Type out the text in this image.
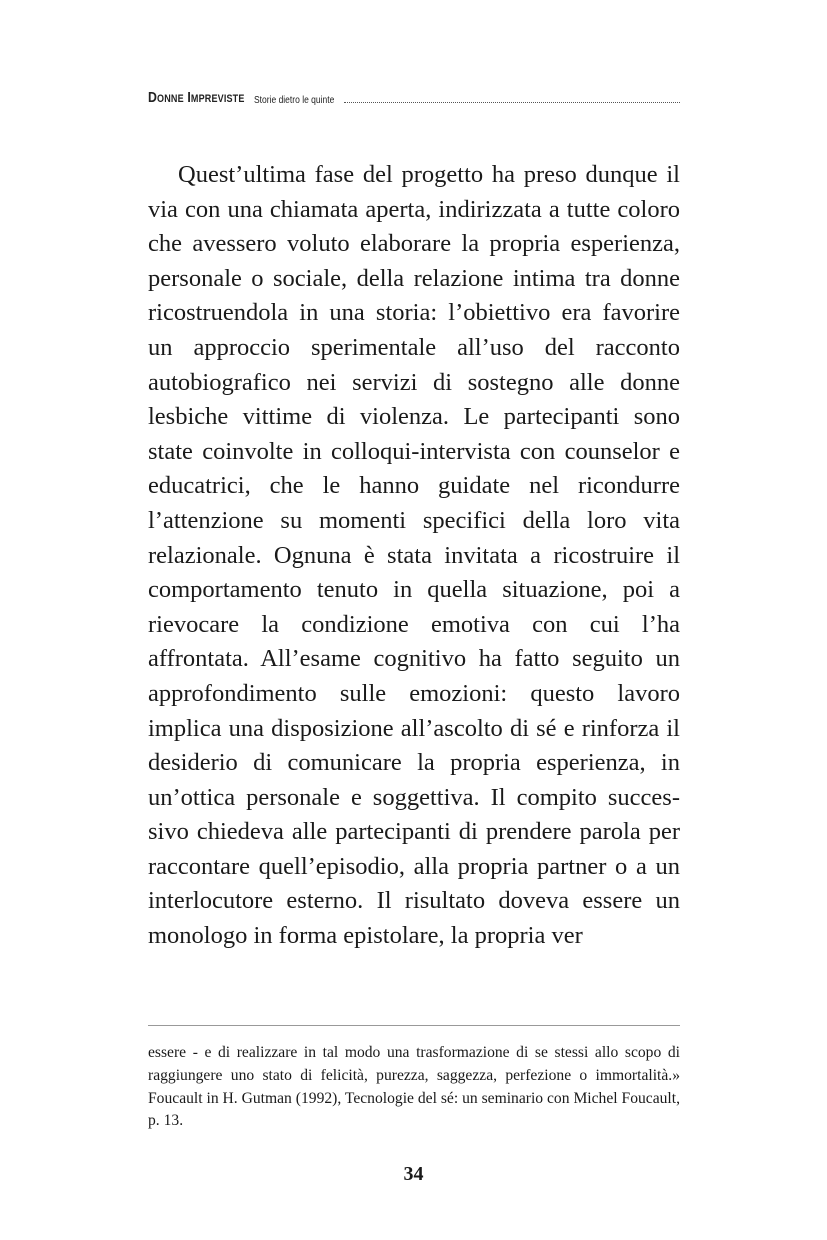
Donne Impreviste Storie dietro le quinte

Quest’ultima fase del progetto ha preso dunque il via con una chiamata aperta, indirizzata a tutte coloro che avessero voluto elaborare la propria esperienza, personale o sociale, della relazione intima tra donne ricostruendola in una storia: l’obiettivo era favorire un approccio sperimentale all’uso del racconto autobiografico nei servizi di sostegno alle donne lesbiche vittime di violenza. Le partecipanti sono state coinvolte in colloqui-intervista con counselor e educatrici, che le hanno guidate nel ricondurre l’attenzione su momenti specifici della loro vita relazionale. Ognuna è stata invitata a ricostruire il comportamento tenuto in quella situazione, poi a rievocare la condizione emotiva con cui l’ha affrontata. All’esame cognitivo ha fatto seguito un approfondimento sulle emozioni: questo lavoro implica una disposizione all’ascolto di sé e rinforza il desiderio di comunicare la propria esperienza, in un’ottica personale e soggettiva. Il compito successivo chiedeva alle partecipanti di prendere parola per raccontare quell’episodio, alla propria partner o a un interlocutore esterno. Il risultato doveva essere un monologo in forma epistolare, la propria ver

essere - e di realizzare in tal modo una trasformazione di se stessi allo scopo di raggiungere uno stato di felicità, purezza, saggezza, perfezione o immortalità.» Foucault in H. Gutman (1992), Tecnologie del sé: un seminario con Michel Foucault, p. 13.

34
